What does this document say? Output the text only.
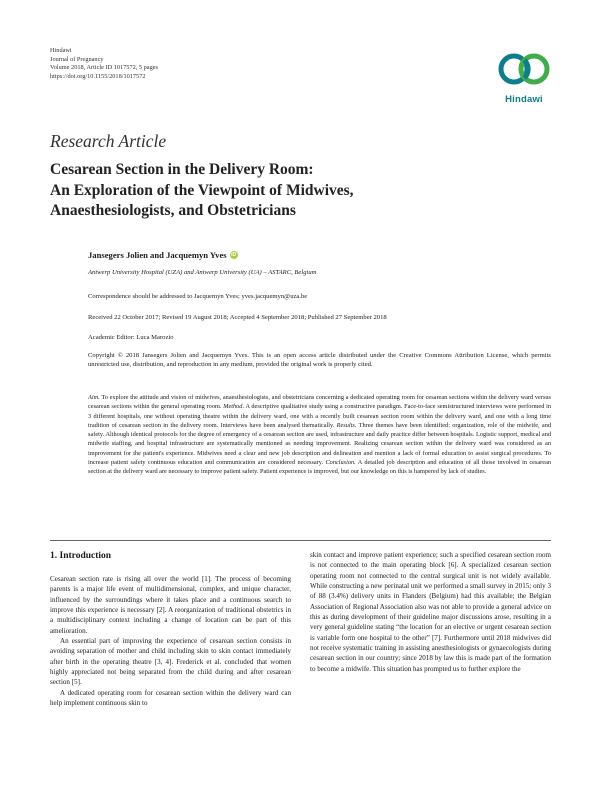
Hindawi
Journal of Pregnancy
Volume 2018, Article ID 1017572, 5 pages
https://doi.org/10.1155/2018/1017572
Hindawi
Research Article
Cesarean Section in the Delivery Room:
An Exploration of the Viewpoint of Midwives,
Anaesthesiologists, and Obstetricians
Jansegers Jolien and Jacquemyn Yves iD
Antwerp University Hospital (UZA) and Antwerp University (UA) – ASTARC, Belgium
Correspondence should be addressed to Jacquemyn Yves; yves.jacquemyn@uza.be
Received 22 October 2017; Revised 19 August 2018; Accepted 4 September 2018; Published 27 September 2018
Academic Editor: Luca Marozio
Copyright © 2018 Jansegers Jolien and Jacquemyn Yves. This is an open access article distributed under the Creative Commons Attribution License, which permits unrestricted use, distribution, and reproduction in any medium, provided the original work is properly cited.
Aim. To explore the attitude and vision of midwives, anaesthesiologists, and obstetricians concerning a dedicated operating room for cesarean sections within the delivery ward versus cesarean sections within the general operating room. Method. A descriptive qualitative study using a constructive paradigm. Face-to-face semistructured interviews were performed in 3 different hospitals, one without operating theatre within the delivery ward, one with a recently built cesarean section room within the delivery ward, and one with a long time tradition of cesarean section in the delivery room. Interviews have been analysed thematically. Results. Three themes have been identified: organization, role of the midwife, and safety. Although identical protocols for the degree of emergency of a cesarean section are used, infrastructure and daily practice differ between hospitals. Logistic support, medical and midwife staffing, and hospital infrastructure are systematically mentioned as needing improvement. Realizing cesarean section within the delivery ward was considered as an improvement for the patient's experience. Midwives need a clear and new job description and delineation and mention a lack of formal education to assist surgical procedures. To increase patient safety continuous education and communication are considered necessary. Conclusion. A detailed job description and education of all those involved in cesarean section at the delivery ward are necessary to improve patient safety. Patient experience is improved, but our knowledge on this is hampered by lack of studies.
1. Introduction

Cesarean section rate is rising all over the world [1]. The process of becoming parents is a major life event of multidimensional, complex, and unique character, influenced by the surroundings where it takes place and a continuous search to improve this experience is necessary [2]. A reorganization of traditional obstetrics in a multidisciplinary context including a change of location can be part of this amelioration.

An essential part of improving the experience of cesarean section consists in avoiding separation of mother and child including skin to skin contact immediately after birth in the operating theatre [3, 4]. Frederick et al. concluded that women highly appreciated not being separated from the child during and after cesarean section [5].

A dedicated operating room for cesarean section within the delivery ward can help implement continuous skin to

skin contact and improve patient experience; such a specified cesarean section room is not connected to the main operating block [6]. A specialized cesarean section operating room not connected to the central surgical unit is not widely available. While constructing a new perinatal unit we performed a small survey in 2015; only 3 of 88 (3.4%) delivery units in Flanders (Belgium) had this available; the Belgian Association of Regional Association also was not able to provide a general advice on this as during development of their guideline major discussions arose, resulting in a very general guideline stating “the location for an elective or urgent cesarean section is variable form one hospital to the other” [7]. Furthermore until 2018 midwives did not receive systematic training in assisting anesthesiologists or gynaecologists during cesarean section in our country; since 2018 by law this is made part of the formation to become a midwife. This situation has prompted us to further explore the
